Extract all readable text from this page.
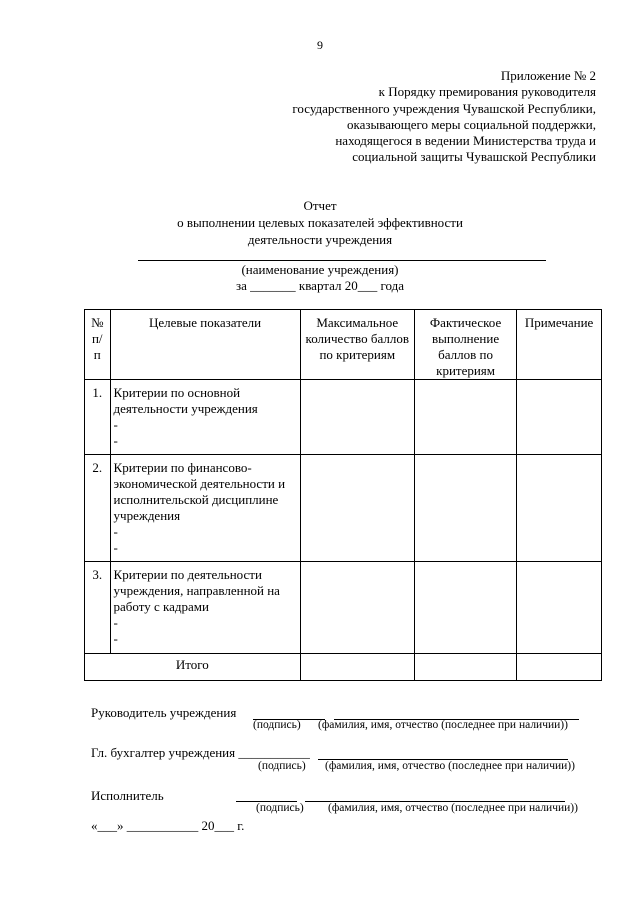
9
Приложение № 2
к Порядку премирования руководителя
государственного учреждения Чувашской Республики,
оказывающего меры социальной поддержки,
находящегося в ведении Министерства труда и
социальной защиты Чувашской Республики
Отчет
о выполнении целевых показателей эффективности
деятельности учреждения
(наименование учреждения)
за _______ квартал 20___ года
№ п/п	Целевые показатели	Максимальное количество баллов по критериям	Фактическое выполнение баллов по критериям	Примечание
1.	Критерии по основной деятельности учреждения
-
-			

2.	Критерии по финансово-экономической деятельности и исполнительской дисциплине учреждения
-
-			

3.	Критерии по деятельности учреждения, направленной на работу с кадрами
-
-			

Итого				
Руководитель учреждения
(подпись) (фамилия, имя, отчество (последнее при наличии))
Гл. бухгалтер учреждения ___________
(подпись) (фамилия, имя, отчество (последнее при наличии))
Исполнитель
(подпись) (фамилия, имя, отчество (последнее при наличии))
«___» ___________ 20___ г.
